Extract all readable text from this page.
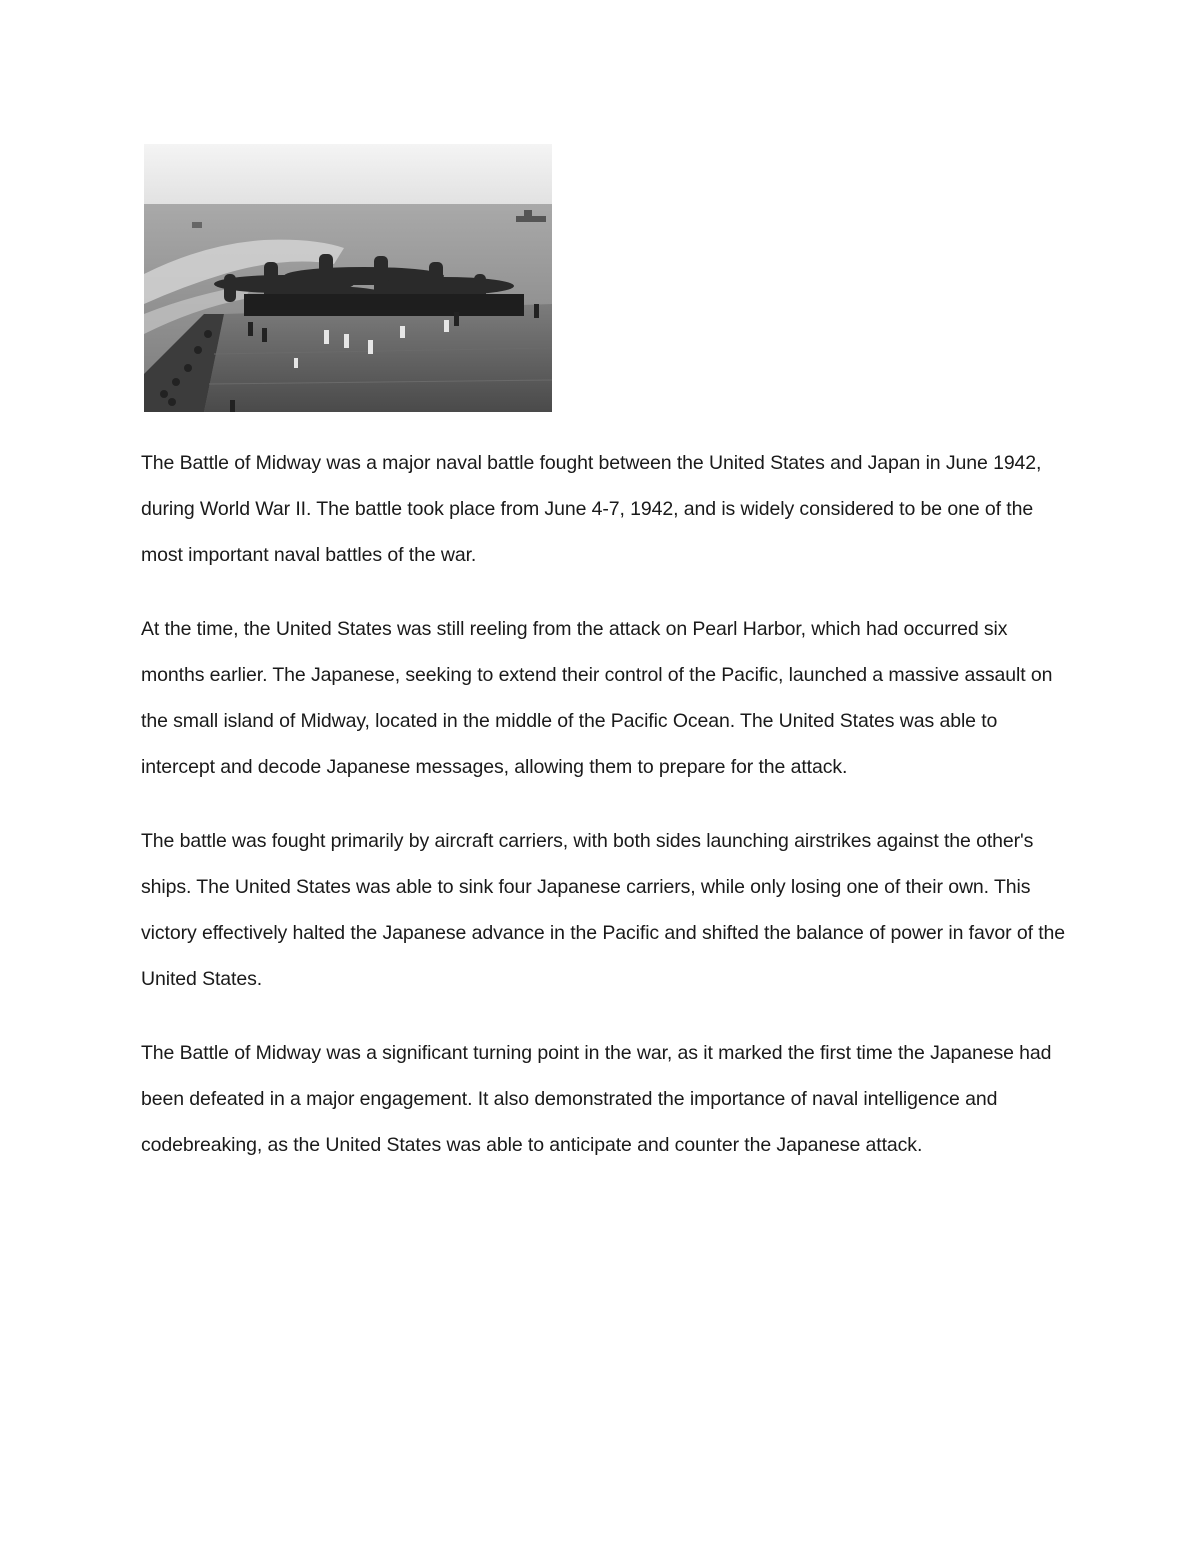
The Battle of Midway was a major naval battle fought between the United States and Japan in June 1942, during World War II. The battle took place from June 4-7, 1942, and is widely considered to be one of the most important naval battles of the war.

At the time, the United States was still reeling from the attack on Pearl Harbor, which had occurred six months earlier. The Japanese, seeking to extend their control of the Pacific, launched a massive assault on the small island of Midway, located in the middle of the Pacific Ocean. The United States was able to intercept and decode Japanese messages, allowing them to prepare for the attack.

The battle was fought primarily by aircraft carriers, with both sides launching airstrikes against the other's ships. The United States was able to sink four Japanese carriers, while only losing one of their own. This victory effectively halted the Japanese advance in the Pacific and shifted the balance of power in favor of the United States.

The Battle of Midway was a significant turning point in the war, as it marked the first time the Japanese had been defeated in a major engagement. It also demonstrated the importance of naval intelligence and codebreaking, as the United States was able to anticipate and counter the Japanese attack.
